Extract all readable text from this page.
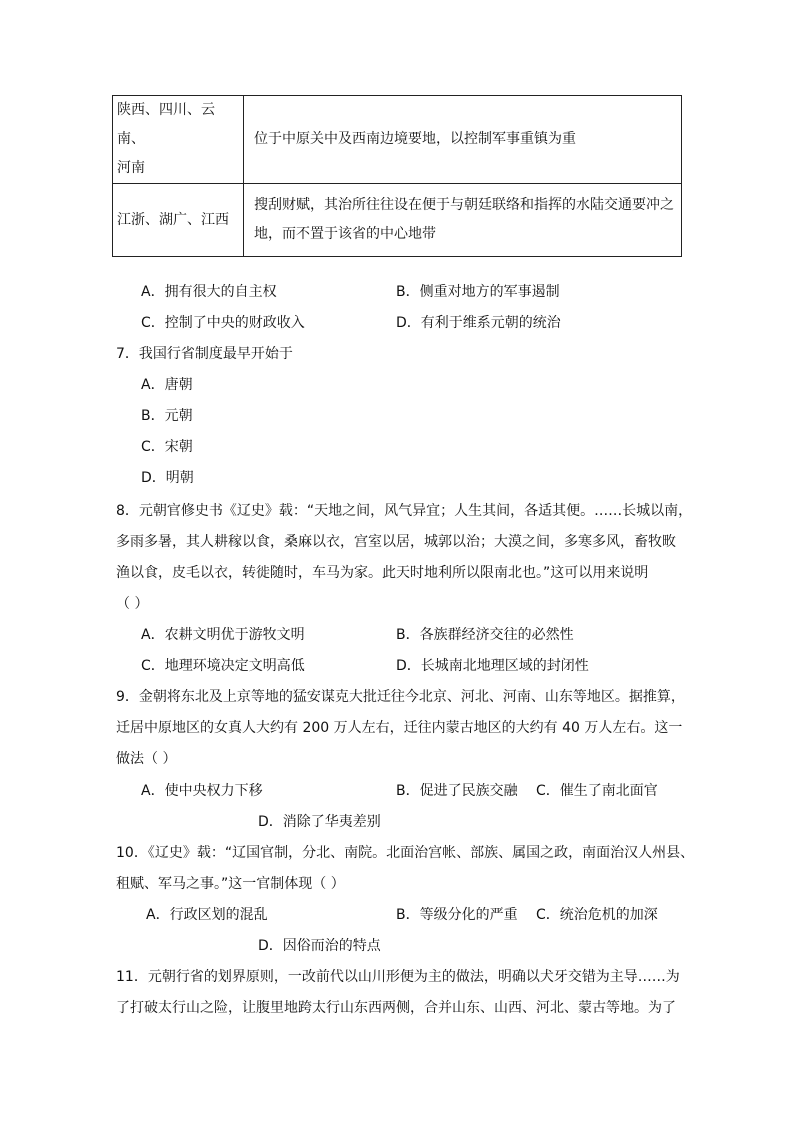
陕西、四川、云南、
河南	位于中原关中及西南边境要地，以控制军事重镇为重

江浙、湖广、江西	搜刮财赋，其治所往往设在便于与朝廷联络和指挥的水陆交通要冲之
地，而不置于该省的中心地带
A．拥有很大的自主权	B．侧重对地方的军事遏制
C．控制了中央的财政收入	D．有利于维系元朝的统治
7．我国行省制度最早开始于
A．唐朝
B．元朝
C．宋朝
D．明朝
8．元朝官修史书《辽史》载：“天地之间，风气异宜；人生其间，各适其便。……长城以南，
多雨多暑，其人耕稼以食，桑麻以衣，宫室以居，城郭以治；大漠之间，多寒多风，畜牧畋
渔以食，皮毛以衣，转徙随时，车马为家。此天时地利所以限南北也。”这可以用来说明
（ ）
A．农耕文明优于游牧文明	B．各族群经济交往的必然性
C．地理环境决定文明高低	D．长城南北地理区域的封闭性
9．金朝将东北及上京等地的猛安谋克大批迁往今北京、河北、河南、山东等地区。据推算，
迁居中原地区的女真人大约有 200 万人左右，迁往内蒙古地区的大约有 40 万人左右。这一
做法（ ）
A．使中央权力下移	B．促进了民族交融 C．催生了南北面官
D．消除了华夷差别
10．《辽史》载：“辽国官制，分北、南院。北面治宫帐、部族、属国之政，南面治汉人州县、
租赋、军马之事。”这一官制体现（ ）
A．行政区划的混乱	B．等级分化的严重 C．统治危机的加深
D．因俗而治的特点
11．元朝行省的划界原则，一改前代以山川形便为主的做法，明确以犬牙交错为主导……为
了打破太行山之险，让腹里地跨太行山东西两侧，合并山东、山西、河北、蒙古等地。为了
